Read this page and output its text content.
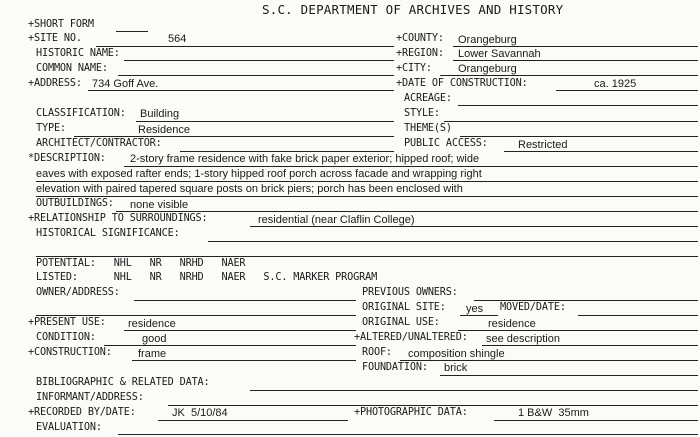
S.C. DEPARTMENT OF ARCHIVES AND HISTORY
+SHORT FORM
+SITE NO.	564	+COUNTY: Orangeburg
HISTORIC NAME:	+REGION: Lower Savannah
COMMON NAME:	+CITY: Orangeburg
+ADDRESS: 734 Goff Ave.	+DATE OF CONSTRUCTION:	ca. 1925
ACREAGE:
CLASSIFICATION: Building	STYLE:
TYPE:	Residence	THEME(S)
ARCHITECT/CONTRACTOR:	PUBLIC ACCESS:	Restricted
*DESCRIPTION: 2-story frame residence with fake brick paper exterior; hipped roof; wide
eaves with exposed rafter ends; 1-story hipped roof porch across facade and wrapping right
elevation with paired tapered square posts on brick piers; porch has been enclosed with
OUTBUILDINGS: none visible
+RELATIONSHIP TO SURROUNDINGS:	residential (near Claflin College)
HISTORICAL SIGNIFICANCE:
POTENTIAL:   NHL   NR   NRHD   NAER
LISTED:      NHL   NR   NRHD   NAER   S.C. MARKER PROGRAM
OWNER/ADDRESS:	PREVIOUS OWNERS:
ORIGINAL SITE: yes MOVED/DATE:
+PRESENT USE: residence	ORIGINAL USE:	residence
CONDITION:	good	+ALTERED/UNALTERED: see description
+CONSTRUCTION: frame	ROOF: composition shingle
FOUNDATION: brick
BIBLIOGRAPHIC & RELATED DATA:
INFORMANT/ADDRESS:
+RECORDED BY/DATE:	JK  5/10/84	+PHOTOGRAPHIC DATA:	1 B&W  35mm
EVALUATION:
